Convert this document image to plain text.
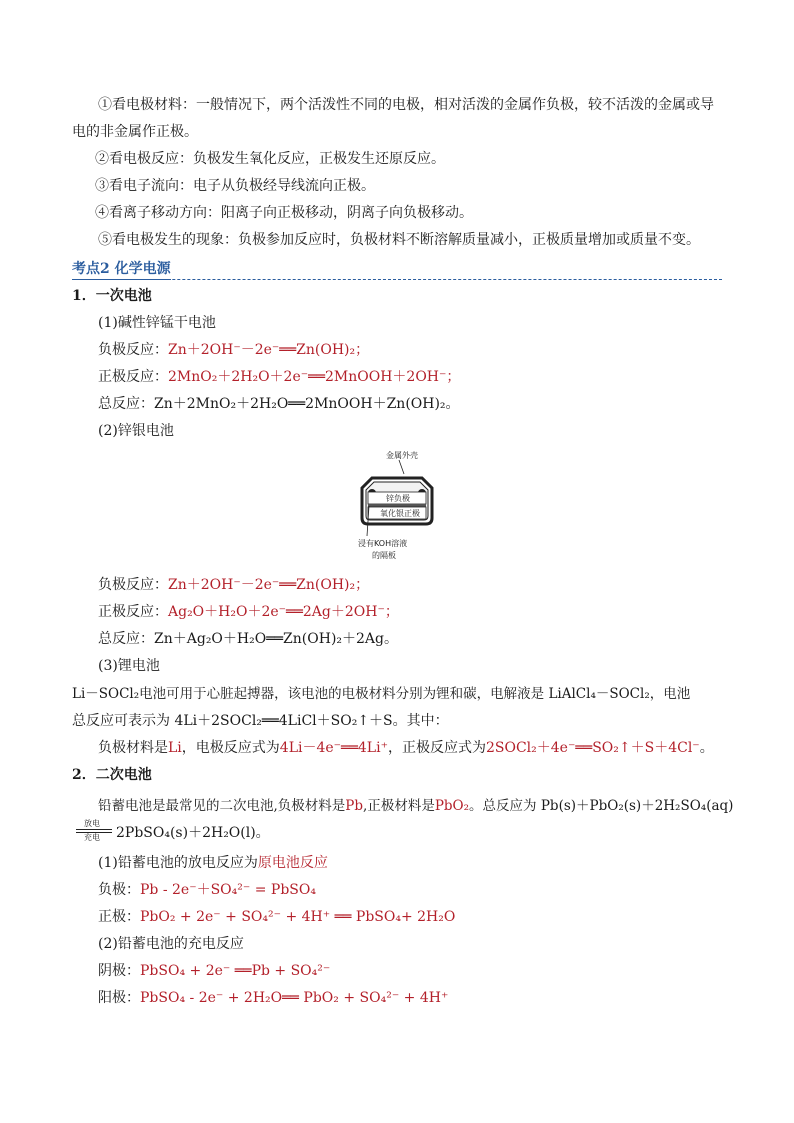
①看电极材料：一般情况下，两个活泼性不同的电极，相对活泼的金属作负极，较不活泼的金属或导
电的非金属作正极。
②看电极反应：负极发生氧化反应，正极发生还原反应。
③看电子流向：电子从负极经导线流向正极。
④看离子移动方向：阳离子向正极移动，阴离子向负极移动。
⑤看电极发生的现象：负极参加反应时，负极材料不断溶解质量减小，正极质量增加或质量不变。
考点2 化学电源
1．一次电池
(1)碱性锌锰干电池
负极反应：Zn＋2OH⁻－2e⁻══Zn(OH)₂；
正极反应：2MnO₂＋2H₂O＋2e⁻══2MnOOH＋2OH⁻；
总反应：Zn＋2MnO₂＋2H₂O══2MnOOH＋Zn(OH)₂。
(2)锌银电池
金属外壳
锌负极
氧化银正极
浸有KOH溶液
的隔板
负极反应：Zn＋2OH⁻－2e⁻══Zn(OH)₂；
正极反应：Ag₂O＋H₂O＋2e⁻══2Ag＋2OH⁻；
总反应：Zn＋Ag₂O＋H₂O══Zn(OH)₂＋2Ag。
(3)锂电池
Li－SOCl₂电池可用于心脏起搏器，该电池的电极材料分别为锂和碳，电解液是 LiAlCl₄－SOCl₂，电池
总反应可表示为 4Li＋2SOCl₂══4LiCl＋SO₂↑＋S。其中：
负极材料是Li，电极反应式为4Li－4e⁻══4Li⁺，正极反应式为2SOCl₂＋4e⁻══SO₂↑＋S＋4Cl⁻。
2．二次电池
铅蓄电池是最常见的二次电池,负极材料是Pb,正极材料是PbO₂。总反应为 Pb(s)＋PbO₂(s)＋2H₂SO₄(aq)
放电
充电 2PbSO₄(s)＋2H₂O(l)。
(1)铅蓄电池的放电反应为原电池反应
负极：Pb - 2e⁻＋SO₄²⁻ = PbSO₄
正极：PbO₂ + 2e⁻ + SO₄²⁻ + 4H⁺ ══ PbSO₄+ 2H₂O
(2)铅蓄电池的充电反应
阴极：PbSO₄ + 2e⁻ ══Pb + SO₄²⁻
阳极：PbSO₄ - 2e⁻ + 2H₂O══ PbO₂ + SO₄²⁻ + 4H⁺
